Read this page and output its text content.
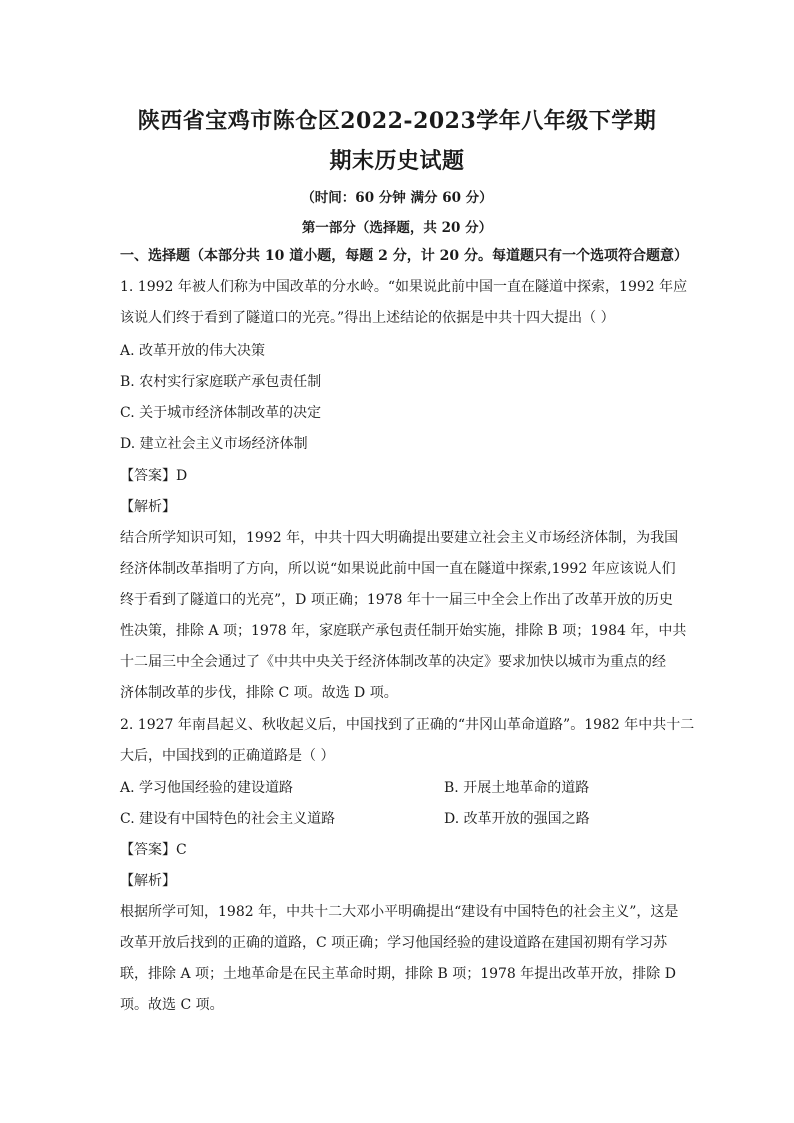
陕西省宝鸡市陈仓区2022-2023学年八年级下学期
期末历史试题
（时间：60 分钟 满分 60 分）
第一部分（选择题，共 20 分）
一、选择题（本部分共 10 道小题，每题 2 分，计 20 分。每道题只有一个选项符合题意）
1. 1992 年被人们称为中国改革的分水岭。“如果说此前中国一直在隧道中探索，1992 年应
该说人们终于看到了隧道口的光亮。”得出上述结论的依据是中共十四大提出（ ）
A. 改革开放的伟大决策
B. 农村实行家庭联产承包责任制
C. 关于城市经济体制改革的决定
D. 建立社会主义市场经济体制
【答案】D
【解析】
结合所学知识可知，1992 年，中共十四大明确提出要建立社会主义市场经济体制，为我国
经济体制改革指明了方向，所以说“如果说此前中国一直在隧道中探索,1992 年应该说人们
终于看到了隧道口的光亮”，D 项正确；1978 年十一届三中全会上作出了改革开放的历史
性决策，排除 A 项；1978 年，家庭联产承包责任制开始实施，排除 B 项；1984 年，中共
十二届三中全会通过了《中共中央关于经济体制改革的决定》要求加快以城市为重点的经
济体制改革的步伐，排除 C 项。故选 D 项。
2. 1927 年南昌起义、秋收起义后，中国找到了正确的“井冈山革命道路”。1982 年中共十二
大后，中国找到的正确道路是（ ）
A. 学习他国经验的建设道路	B. 开展土地革命的道路
C. 建设有中国特色的社会主义道路	D. 改革开放的强国之路
【答案】C
【解析】
根据所学可知，1982 年，中共十二大邓小平明确提出“建设有中国特色的社会主义”，这是
改革开放后找到的正确的道路，C 项正确；学习他国经验的建设道路在建国初期有学习苏
联，排除 A 项；土地革命是在民主革命时期，排除 B 项；1978 年提出改革开放，排除 D
项。故选 C 项。
